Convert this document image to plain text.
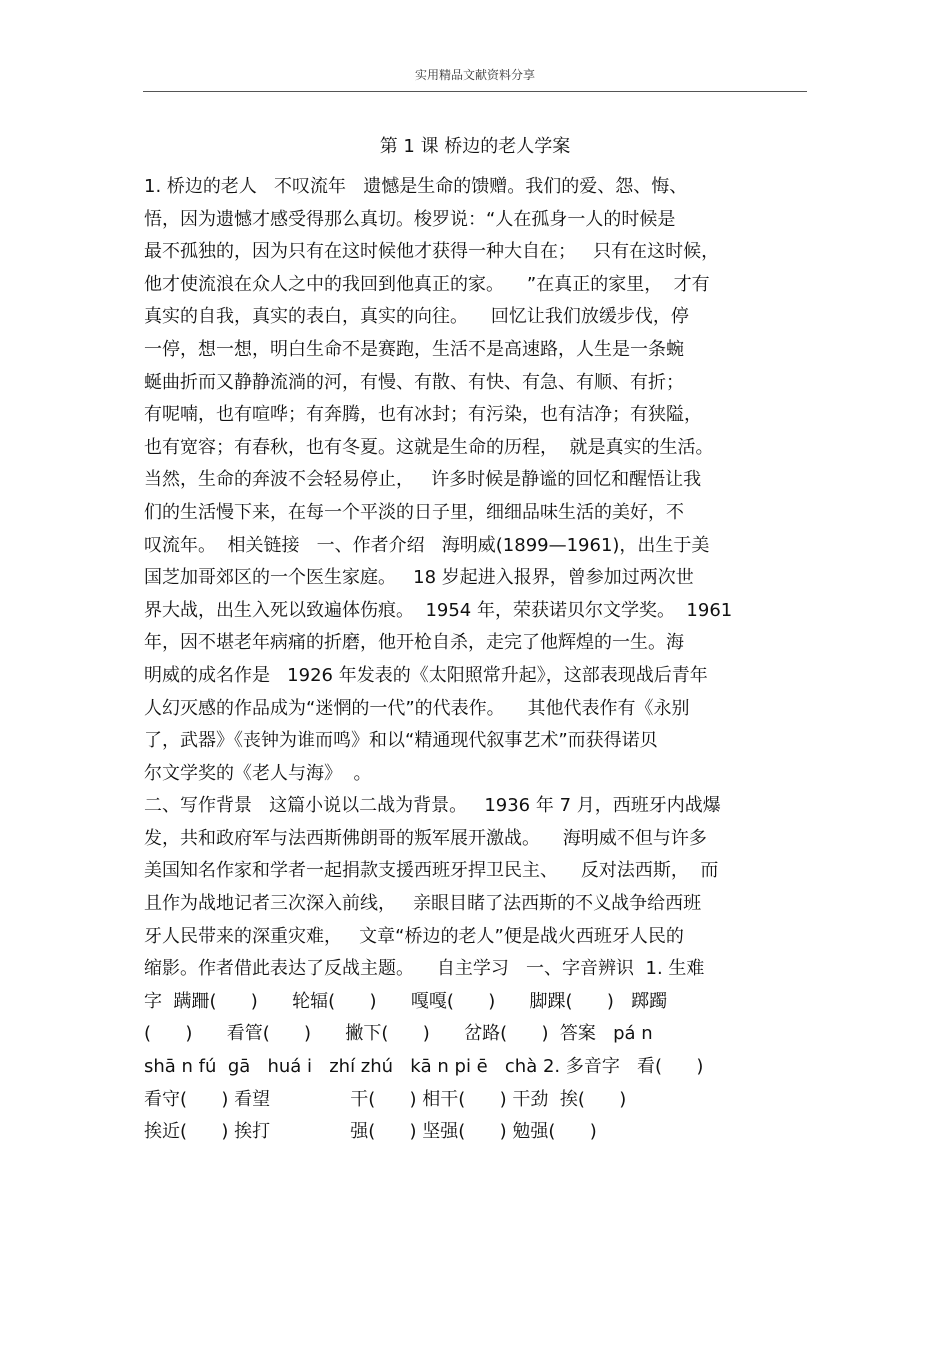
实用精品文献资料分享
第 1 课 桥边的老人学案
1. 桥边的老人   不叹流年   遗憾是生命的馈赠。我们的爱、怨、悔、
悟，因为遗憾才感受得那么真切。梭罗说：“人在孤身一人的时候是
最不孤独的，因为只有在这时候他才获得一种大自在；   只有在这时候，
他才使流浪在众人之中的我回到他真正的家。    ”在真正的家里，  才有
真实的自我，真实的表白，真实的向往。    回忆让我们放缓步伐，停
一停，想一想，明白生命不是赛跑，生活不是高速路，人生是一条蜿
蜒曲折而又静静流淌的河，有慢、有散、有快、有急、有顺、有折；
有呢喃，也有喧哗；有奔腾，也有冰封；有污染，也有洁净；有狭隘，
也有宽容；有春秋，也有冬夏。这就是生命的历程，  就是真实的生活。
当然，生命的奔波不会轻易停止，   许多时候是静谧的回忆和醒悟让我
们的生活慢下来，在每一个平淡的日子里，细细品味生活的美好，不
叹流年。  相关链接   一、作者介绍   海明威(1899—1961)，出生于美
国芝加哥郊区的一个医生家庭。   18 岁起进入报界，曾参加过两次世
界大战，出生入死以致遍体伤痕。  1954 年，荣获诺贝尔文学奖。  1961
年，因不堪老年病痛的折磨，他开枪自杀，走完了他辉煌的一生。海
明威的成名作是   1926 年发表的《太阳照常升起》，这部表现战后青年
人幻灭感的作品成为“迷惘的一代”的代表作。    其他代表作有《永别
了，武器》《丧钟为谁而鸣》和以“精通现代叙事艺术”而获得诺贝
尔文学奖的《老人与海》  。
二、写作背景   这篇小说以二战为背景。   1936 年 7 月，西班牙内战爆
发，共和政府军与法西斯佛朗哥的叛军展开激战。    海明威不但与许多
美国知名作家和学者一起捐款支援西班牙捍卫民主、    反对法西斯，  而
且作为战地记者三次深入前线，   亲眼目睹了法西斯的不义战争给西班
牙人民带来的深重灾难，   文章“桥边的老人”便是战火西班牙人民的
缩影。作者借此表达了反战主题。    自主学习   一、字音辨识  1. 生难
字  蹒跚(      )      轮辐(      )      嘎嘎(      )      脚踝(      )   踯躅
(      )      看管(      )      撇下(      )      岔路(      )  答案   pá n
shā n fú  gā   huá i   zhí zhú   kā n pi ē   chà 2. 多音字   看(      )
看守(      ) 看望              干(      ) 相干(      ) 干劲  挨(      )
挨近(      ) 挨打              强(      ) 坚强(      ) 勉强(      )
